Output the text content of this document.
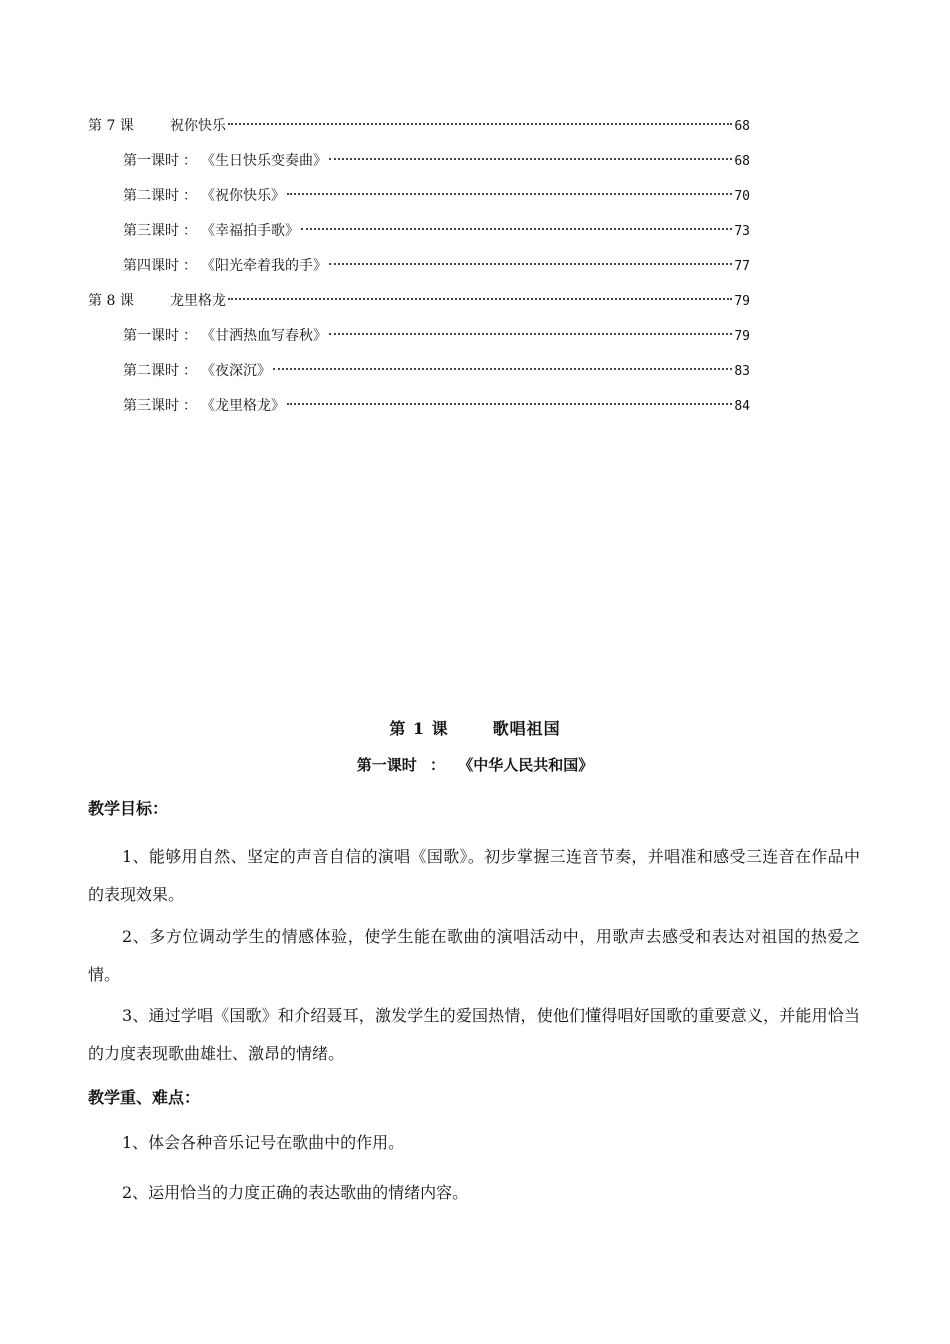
第 7 课	祝你快乐	68
第一课时 ： 《生日快乐变奏曲》	68
第二课时 ： 《祝你快乐》	70
第三课时 ： 《幸福拍手歌》	73
第四课时 ： 《阳光牵着我的手》	77
第 8 课	龙里格龙	79
第一课时 ： 《甘洒热血写春秋》	79
第二课时 ： 《夜深沉》	83
第三课时 ： 《龙里格龙》	84
第 1 课	歌唱祖国
第一课时 ： 《中华人民共和国》
教学目标：
1、能够用自然、坚定的声音自信的演唱《国歌》。初步掌握三连音节奏，并唱准和感受三连音在作品中的表现效果。
2、多方位调动学生的情感体验，使学生能在歌曲的演唱活动中，用歌声去感受和表达对祖国的热爱之情。
3、通过学唱《国歌》和介绍聂耳，激发学生的爱国热情，使他们懂得唱好国歌的重要意义，并能用恰当的力度表现歌曲雄壮、激昂的情绪。
教学重、难点：
1、体会各种音乐记号在歌曲中的作用。
2、运用恰当的力度正确的表达歌曲的情绪内容。
